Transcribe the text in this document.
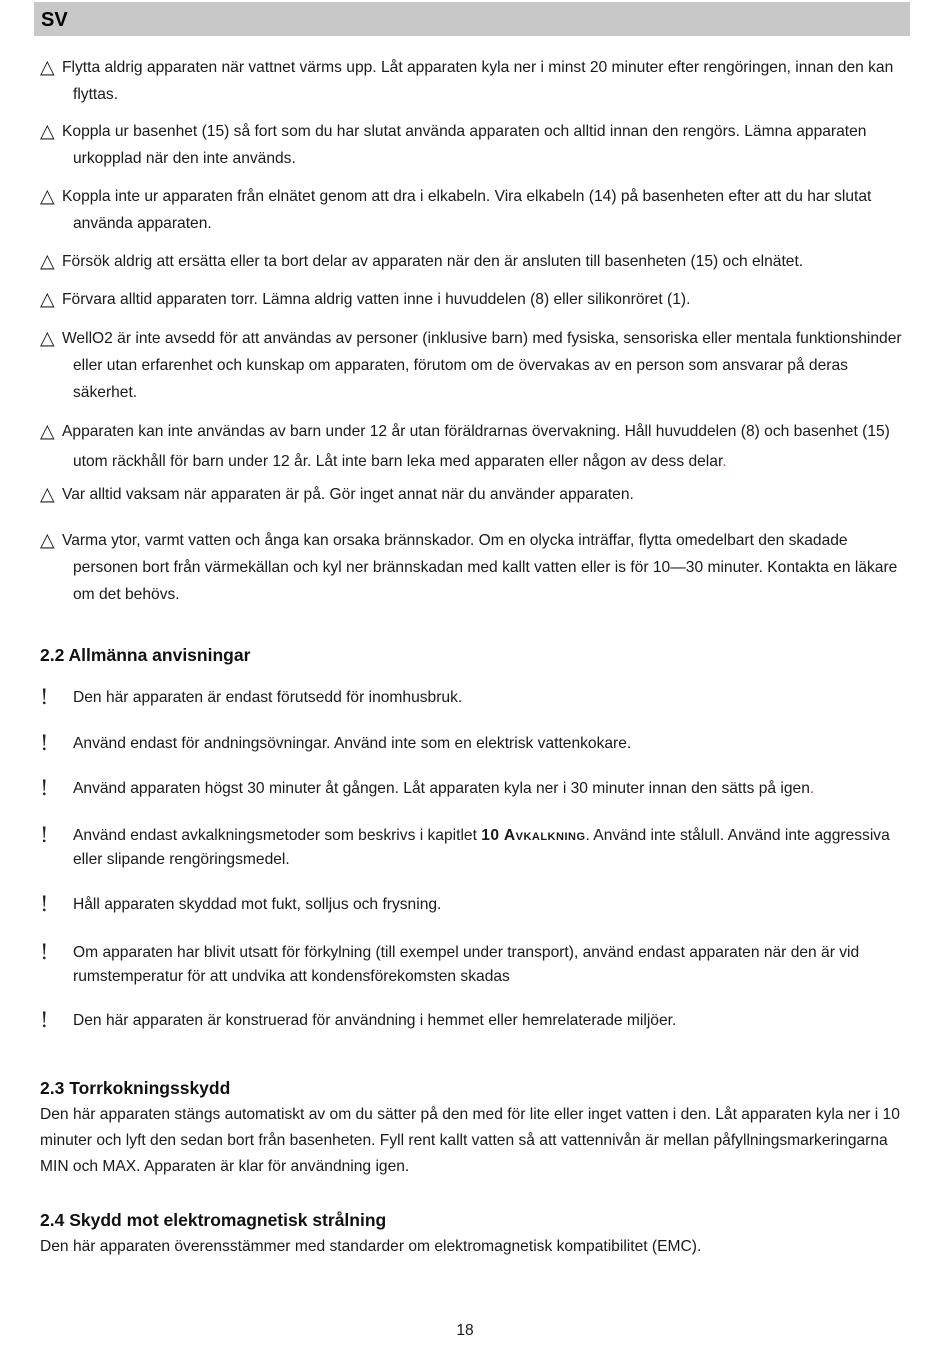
SV
△ Flytta aldrig apparaten när vattnet värms upp. Låt apparaten kyla ner i minst 20 minuter efter rengöringen, innan den kan flyttas.
△ Koppla ur basenhet (15) så fort som du har slutat använda apparaten och alltid innan den rengörs. Lämna apparaten urkopplad när den inte används.
△ Koppla inte ur apparaten från elnätet genom att dra i elkabeln. Vira elkabeln (14) på basenheten efter att du har slutat använda apparaten.
△ Försök aldrig att ersätta eller ta bort delar av apparaten när den är ansluten till basenheten (15) och elnätet.
△ Förvara alltid apparaten torr. Lämna aldrig vatten inne i huvuddelen (8) eller silikonröret (1).
△ WellO2 är inte avsedd för att användas av personer (inklusive barn) med fysiska, sensoriska eller mentala funktionshinder eller utan erfarenhet och kunskap om apparaten, förutom om de övervakas av en person som ansvarar på deras säkerhet.
△ Apparaten kan inte användas av barn under 12 år utan föräldrarnas övervakning. Håll huvuddelen (8) och basenhet (15) utom räckhåll för barn under 12 år. Låt inte barn leka med apparaten eller någon av dess delar.
△ Var alltid vaksam när apparaten är på. Gör inget annat när du använder apparaten.
△ Varma ytor, varmt vatten och ånga kan orsaka brännskador. Om en olycka inträffar, flytta omedelbart den skadade personen bort från värmekällan och kyl ner brännskadan med kallt vatten eller is för 10—30 minuter. Kontakta en läkare om det behövs.
2.2 Allmänna anvisningar
! Den här apparaten är endast förutsedd för inomhusbruk.
! Använd endast för andningsövningar. Använd inte som en elektrisk vattenkokare.
! Använd apparaten högst 30 minuter åt gången. Låt apparaten kyla ner i 30 minuter innan den sätts på igen.
! Använd endast avkalkningsmetoder som beskrivs i kapitlet 10 Avkalkning. Använd inte stålull. Använd inte aggressiva eller slipande rengöringsmedel.
! Håll apparaten skyddad mot fukt, solljus och frysning.
! Om apparaten har blivit utsatt för förkylning (till exempel under transport), använd endast apparaten när den är vid rumstemperatur för att undvika att kondensförekomsten skadas
! Den här apparaten är konstruerad för användning i hemmet eller hemrelaterade miljöer.
2.3 Torrkokningsskydd
Den här apparaten stängs automatiskt av om du sätter på den med för lite eller inget vatten i den. Låt apparaten kyla ner i 10 minuter och lyft den sedan bort från basenheten. Fyll rent kallt vatten så att vattennivån är mellan påfyllningsmarkeringarna MIN och MAX. Apparaten är klar för användning igen.
2.4 Skydd mot elektromagnetisk strålning
Den här apparaten överensstämmer med standarder om elektromagnetisk kompatibilitet (EMC).
18
